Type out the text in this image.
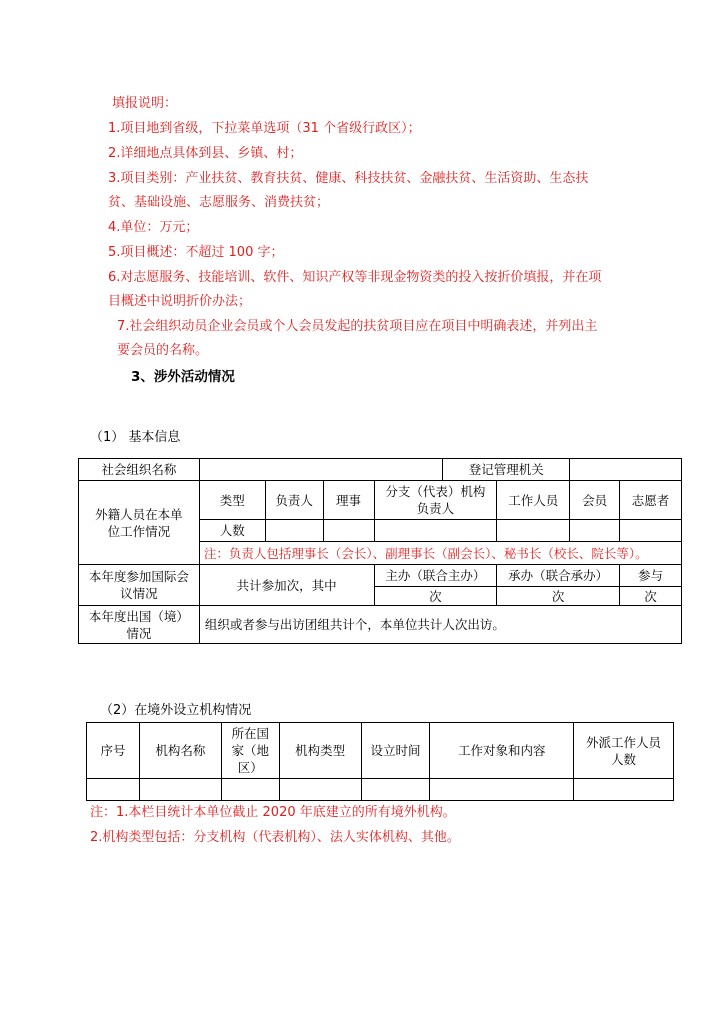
填报说明：
1.项目地到省级，下拉菜单选项（31 个省级行政区）；
2.详细地点具体到县、乡镇、村；
3.项目类别：产业扶贫、教育扶贫、健康、科技扶贫、金融扶贫、生活资助、生态扶
贫、基础设施、志愿服务、消费扶贫；
4.单位：万元；
5.项目概述：不超过 100 字；
6.对志愿服务、技能培训、软件、知识产权等非现金物资类的投入按折价填报，并在项
目概述中说明折价办法；
7.社会组织动员企业会员或个人会员发起的扶贫项目应在项目中明确表述，并列出主
要会员的名称。
3、涉外活动情况
（1） 基本信息
社会组织名称					登记管理机关			
外籍人员在本单位工作情况	类型	负责人	理事	分支（代表）机构负责人		工作人员	会员	志愿者
	人数							
	注：负责人包括理事长（会长）、副理事长（副会长）、秘书长（校长、院长等）。							
本年度参加国际会议情况	共计参加次，其中			主办（联合主办）		承办（联合承办）		参与
				次		次		次
本年度出国（境）情况	组织或者参与出访团组共计个，本单位共计人次出访。							
（2）在境外设立机构情况
序号	机构名称	所在国家（地区）	机构类型	设立时间	工作对象和内容	外派工作人员人数

注：1.本栏目统计本单位截止 2020 年底建立的所有境外机构。
2.机构类型包括：分支机构（代表机构）、法人实体机构、其他。
